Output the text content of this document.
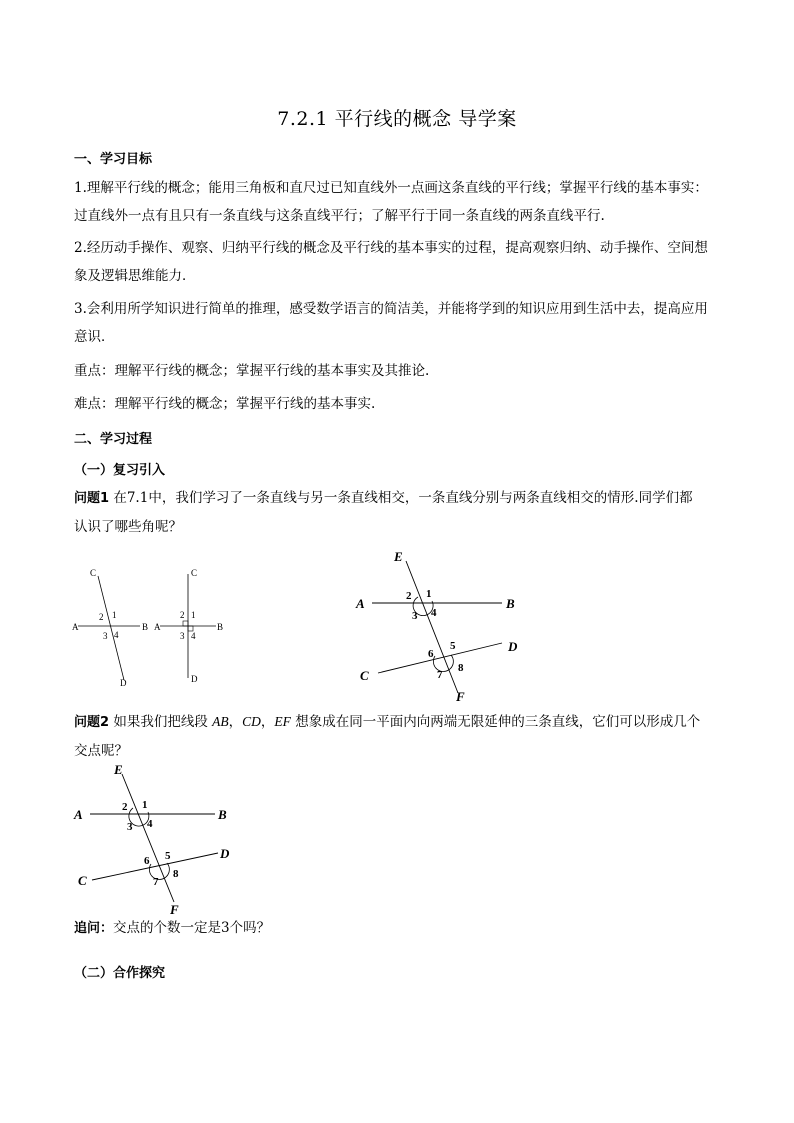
7.2.1 平行线的概念 导学案
一、学习目标
1.理解平行线的概念；能用三角板和直尺过已知直线外一点画这条直线的平行线；掌握平行线的基本事实：
过直线外一点有且只有一条直线与这条直线平行；了解平行于同一条直线的两条直线平行.
2.经历动手操作、观察、归纳平行线的概念及平行线的基本事实的过程，提高观察归纳、动手操作、空间想
象及逻辑思维能力．
3.会利用所学知识进行简单的推理，感受数学语言的简洁美，并能将学到的知识应用到生活中去，提高应用
意识．
重点：理解平行线的概念；掌握平行线的基本事实及其推论.
难点：理解平行线的概念；掌握平行线的基本事实.
二、学习过程
（一）复习引入
问题1 在7.1中，我们学习了一条直线与另一条直线相交，一条直线分别与两条直线相交的情形.同学们都
认识了哪些角呢？
C
A	B
D
1
2
3 4
C
A	B
D
1
2
3 4
E
A	B
C
D
F
1
2
3 4
5
6
7
8
问题2 如果我们把线段 AB，CD，EF 想象成在同一平面内向两端无限延伸的三条直线，它们可以形成几个
交点呢？
E
A	B
C
D
F
1
2
3 4
5
6
7
8
追问：交点的个数一定是3个吗？
（二）合作探究
